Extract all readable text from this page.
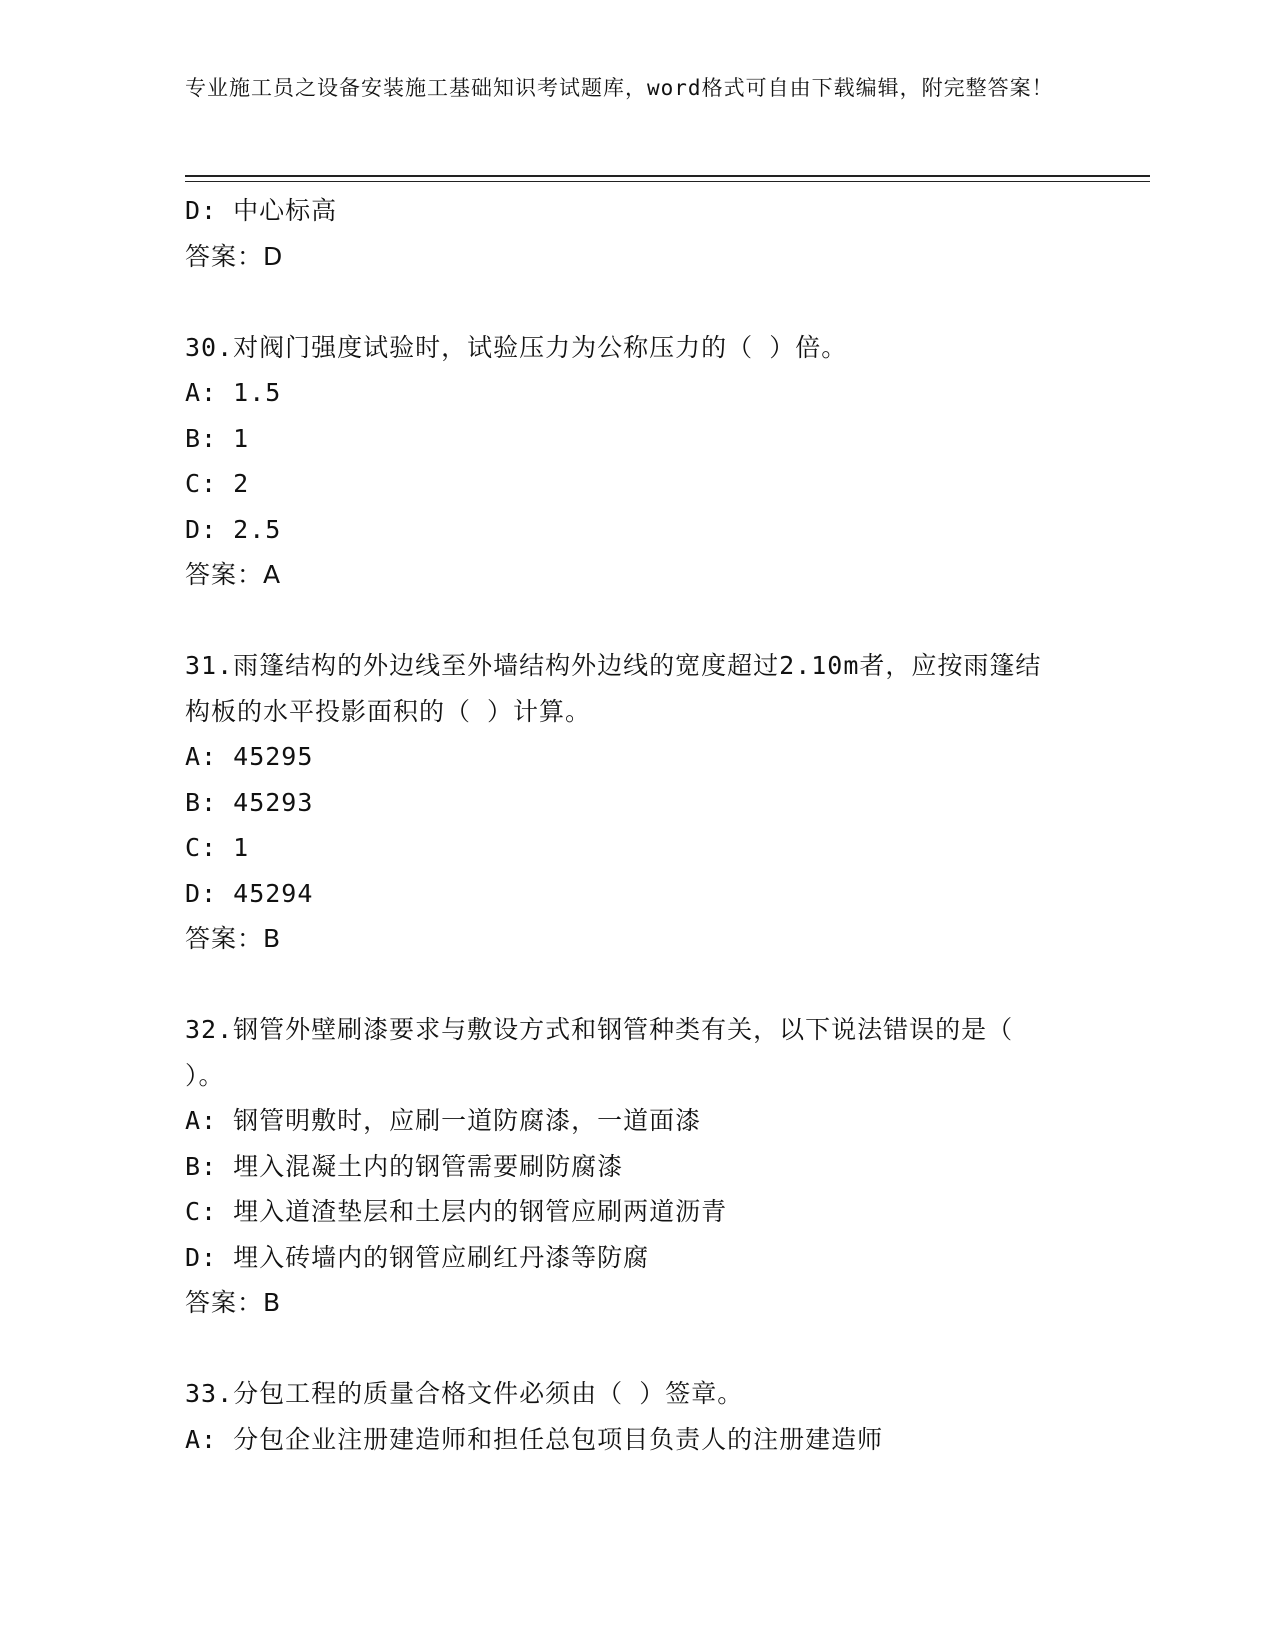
专业施工员之设备安装施工基础知识考试题库，word格式可自由下载编辑，附完整答案！
D: 中心标高
答案：D
30.对阀门强度试验时，试验压力为公称压力的（ ）倍。
A: 1.5
B: 1
C: 2
D: 2.5
答案：A
31.雨篷结构的外边线至外墙结构外边线的宽度超过2.10m者，应按雨篷结构板的水平投影面积的（ ）计算。
A: 45295
B: 45293
C: 1
D: 45294
答案：B
32.钢管外壁刷漆要求与敷设方式和钢管种类有关，以下说法错误的是（ ）。
A: 钢管明敷时，应刷一道防腐漆，一道面漆
B: 埋入混凝土内的钢管需要刷防腐漆
C: 埋入道渣垫层和土层内的钢管应刷两道沥青
D: 埋入砖墙内的钢管应刷红丹漆等防腐
答案：B
33.分包工程的质量合格文件必须由（ ）签章。
A: 分包企业注册建造师和担任总包项目负责人的注册建造师
